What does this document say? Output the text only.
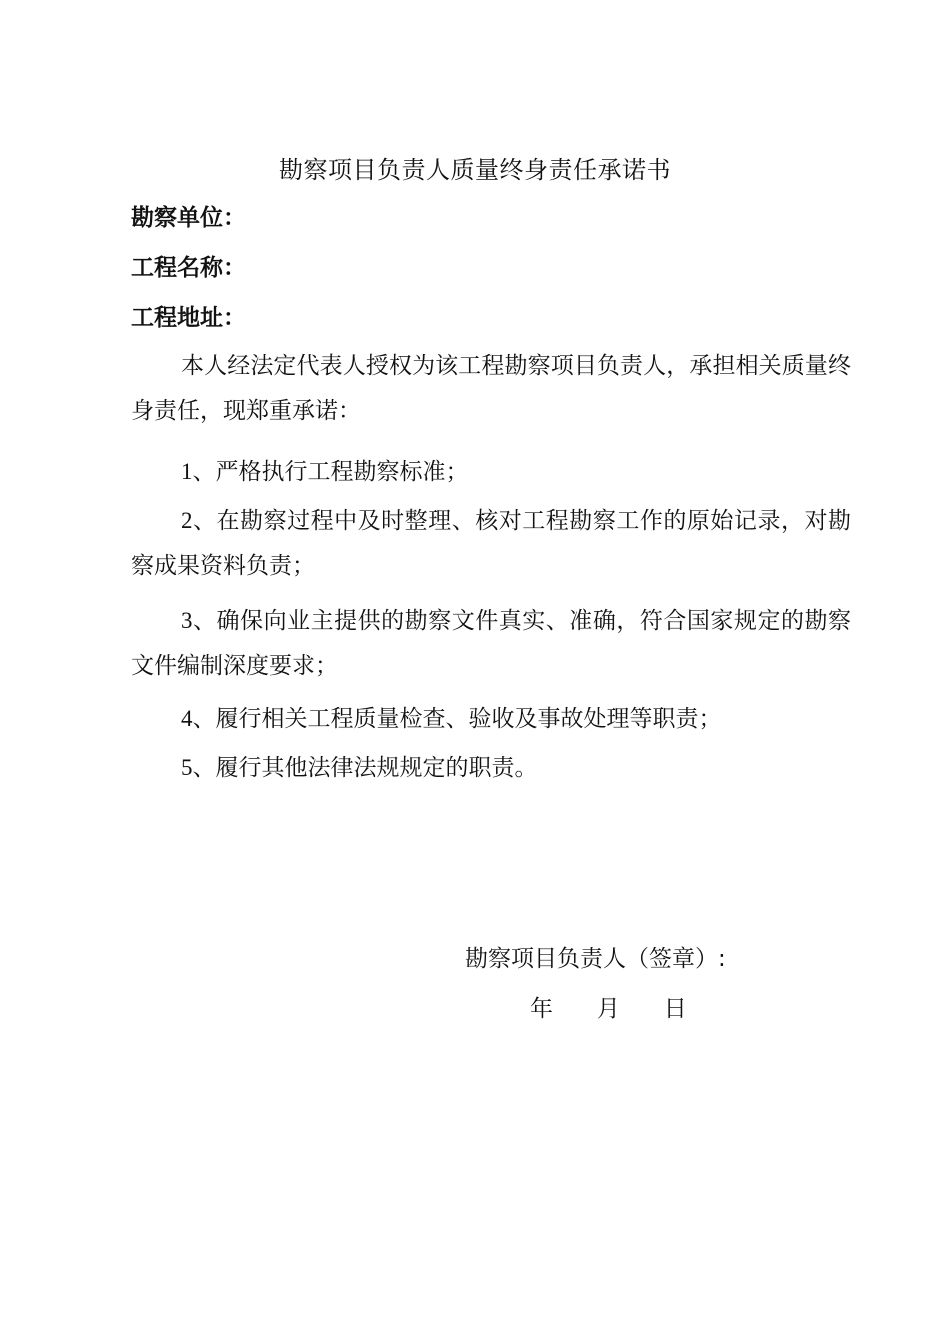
勘察项目负责人质量终身责任承诺书
勘察单位：
工程名称：
工程地址：
本人经法定代表人授权为该工程勘察项目负责人，承担相关质量终身责任，现郑重承诺：
1、严格执行工程勘察标准；
2、在勘察过程中及时整理、核对工程勘察工作的原始记录，对勘察成果资料负责；
3、确保向业主提供的勘察文件真实、准确，符合国家规定的勘察文件编制深度要求；
4、履行相关工程质量检查、验收及事故处理等职责；
5、履行其他法律法规规定的职责。
勘察项目负责人（签章）:
年 月 日
